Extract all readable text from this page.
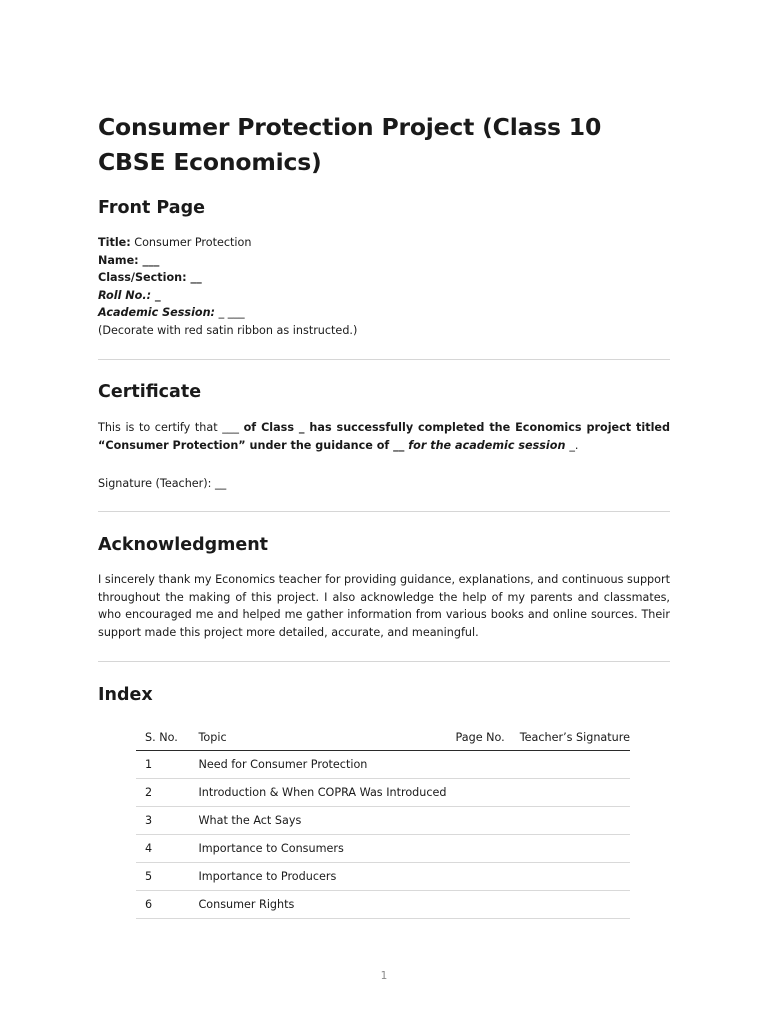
Consumer Protection Project (Class 10 CBSE Economics)
Front Page
Title: Consumer Protection
Name: ___
Class/Section: __
Roll No.: _
Academic Session: _ ___
(Decorate with red satin ribbon as instructed.)
Certificate

This is to certify that ___ of Class _ has successfully completed the Economics project titled “Consumer Protection” under the guidance of __ for the academic session _.

Signature (Teacher): __

Acknowledgment

I sincerely thank my Economics teacher for providing guidance, explanations, and continuous support throughout the making of this project. I also acknowledge the help of my parents and classmates, who encouraged me and helped me gather information from various books and online sources. Their support made this project more detailed, accurate, and meaningful.

Index
S. No.	Topic	Page No.	Teacher’s Signature
1	Need for Consumer Protection		
2	Introduction & When COPRA Was Introduced		
3	What the Act Says		
4	Importance to Consumers		
5	Importance to Producers		
6	Consumer Rights		
1
